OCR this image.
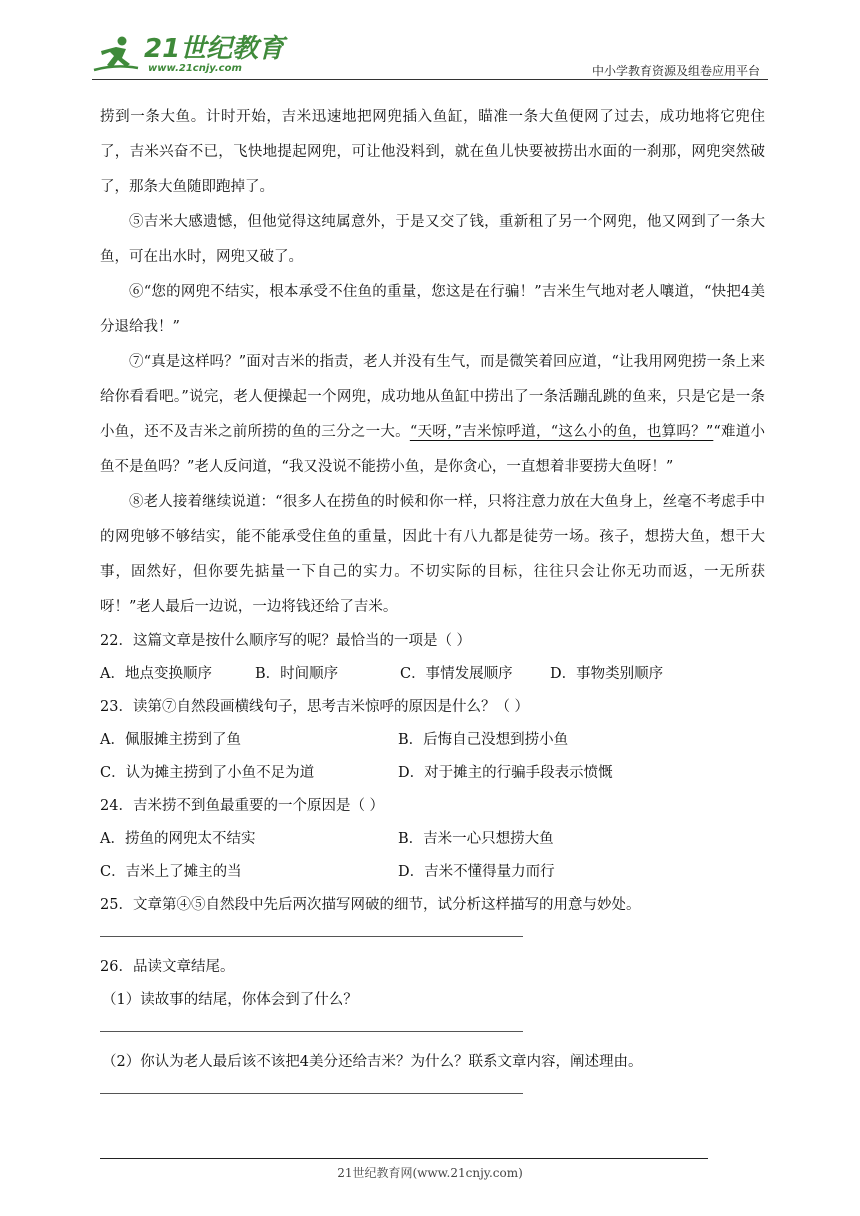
21世纪教育
www.21cnjy.com	中小学教育资源及组卷应用平台

捞到一条大鱼。计时开始，吉米迅速地把网兜插入鱼缸，瞄准一条大鱼便网了过去，成功地将它兜住了，吉米兴奋不已，飞快地提起网兜，可让他没料到，就在鱼儿快要被捞出水面的一刹那，网兜突然破了，那条大鱼随即跑掉了。

⑤吉米大感遗憾，但他觉得这纯属意外，于是又交了钱，重新租了另一个网兜，他又网到了一条大鱼，可在出水时，网兜又破了。

⑥“您的网兜不结实，根本承受不住鱼的重量，您这是在行骗！”吉米生气地对老人嚷道，“快把4美分退给我！”

⑦“真是这样吗？”面对吉米的指责，老人并没有生气，而是微笑着回应道，“让我用网兜捞一条上来给你看看吧。”说完，老人便操起一个网兜，成功地从鱼缸中捞出了一条活蹦乱跳的鱼来，只是它是一条小鱼，还不及吉米之前所捞的鱼的三分之一大。“天呀，”吉米惊呼道，“这么小的鱼，也算吗？”“难道小鱼不是鱼吗？”老人反问道，“我又没说不能捞小鱼，是你贪心，一直想着非要捞大鱼呀！”

⑧老人接着继续说道：“很多人在捞鱼的时候和你一样，只将注意力放在大鱼身上，丝毫不考虑手中的网兜够不够结实，能不能承受住鱼的重量，因此十有八九都是徒劳一场。孩子，想捞大鱼，想干大事，固然好，但你要先掂量一下自己的实力。不切实际的目标，往往只会让你无功而返，一无所获呀！”老人最后一边说，一边将钱还给了吉米。

22．这篇文章是按什么顺序写的呢？最恰当的一项是（ ）

A．地点变换顺序	B．时间顺序	C．事情发展顺序	D．事物类别顺序

23．读第⑦自然段画横线句子，思考吉米惊呼的原因是什么？（ ）

A．佩服摊主捞到了鱼	B．后悔自己没想到捞小鱼
C．认为摊主捞到了小鱼不足为道	D．对于摊主的行骗手段表示愤慨

24．吉米捞不到鱼最重要的一个原因是（ ）

A．捞鱼的网兜太不结实	B．吉米一心只想捞大鱼
C．吉米上了摊主的当	D．吉米不懂得量力而行

25．文章第④⑤自然段中先后两次描写网破的细节，试分析这样描写的用意与妙处。

26．品读文章结尾。

（1）读故事的结尾，你体会到了什么？

（2）你认为老人最后该不该把4美分还给吉米？为什么？联系文章内容，阐述理由。

21世纪教育网(www.21cnjy.com)
